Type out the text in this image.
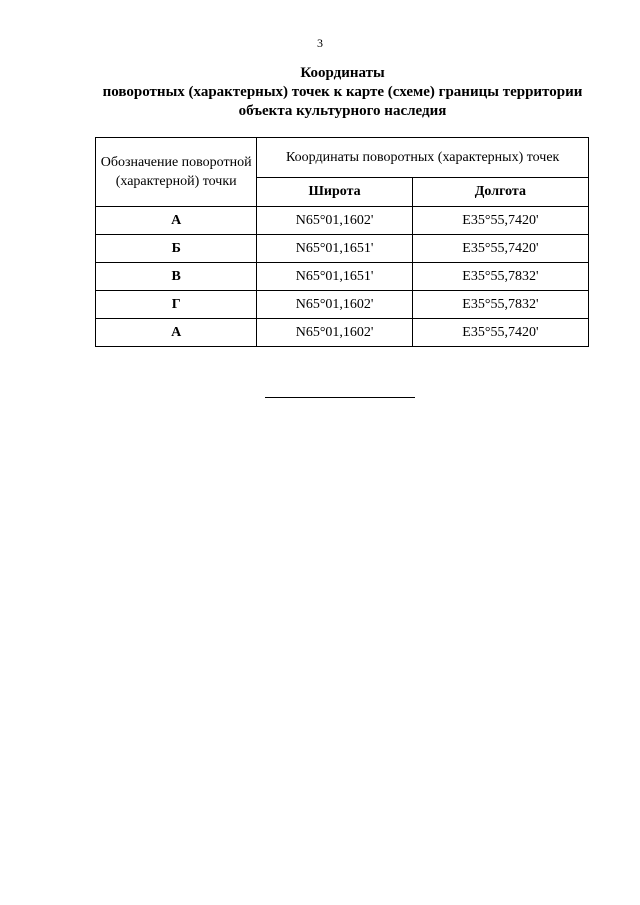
3
Координаты
поворотных (характерных) точек к карте (схеме) границы территории
объекта культурного наследия
Обозначение поворотной (характерной) точки	Координаты поворотных (характерных) точек	
	Широта	Долгота
А	N65°01,1602'	E35°55,7420'
Б	N65°01,1651'	E35°55,7420'
В	N65°01,1651'	E35°55,7832'
Г	N65°01,1602'	E35°55,7832'
А	N65°01,1602'	E35°55,7420'
